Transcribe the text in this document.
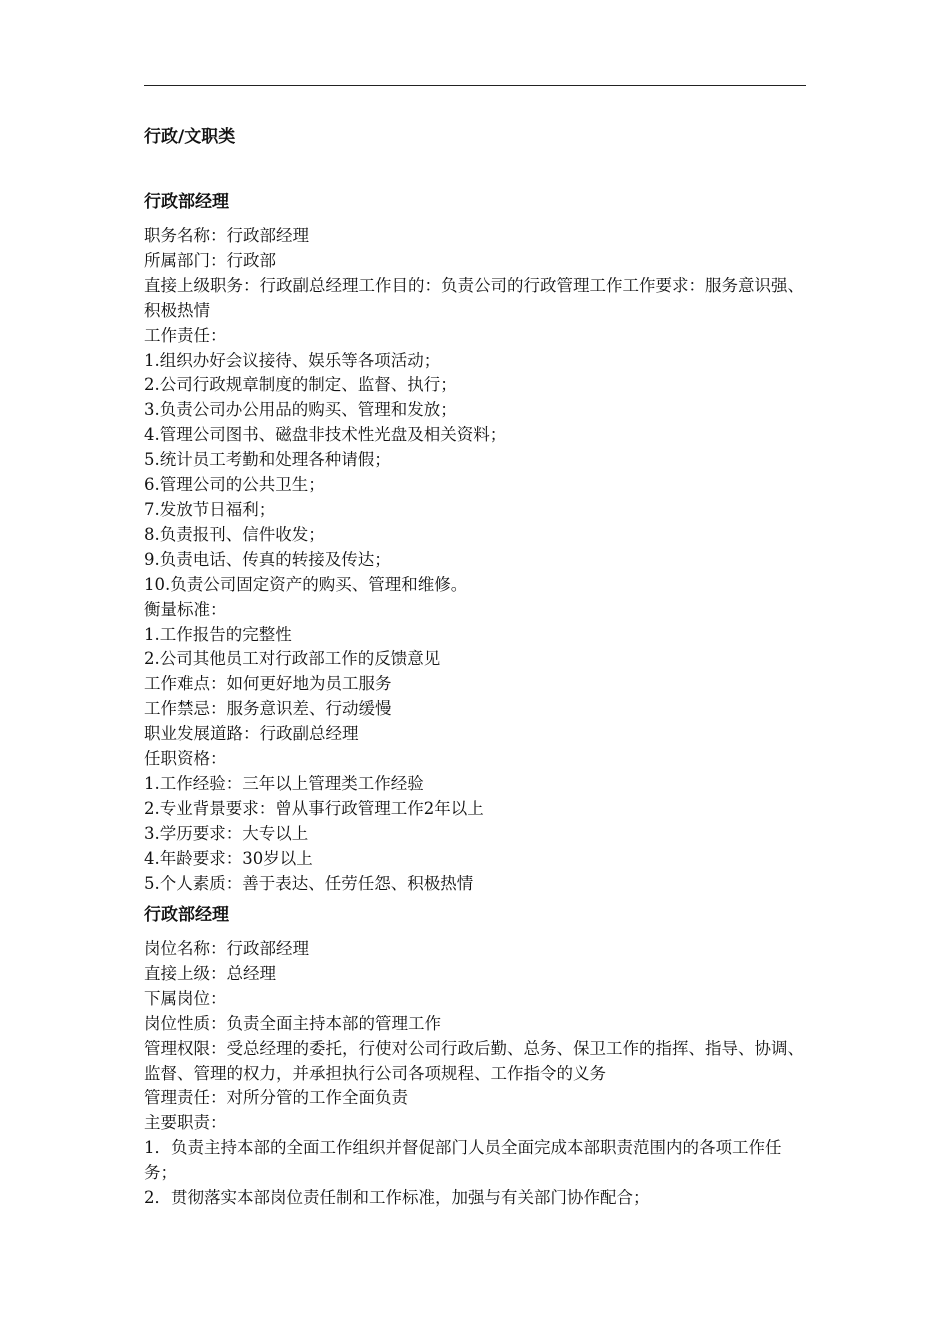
行政/文职类
行政部经理
职务名称：行政部经理
所属部门：行政部
直接上级职务：行政副总经理工作目的：负责公司的行政管理工作工作要求：服务意识强、积极热情
工作责任：
1.组织办好会议接待、娱乐等各项活动；
2.公司行政规章制度的制定、监督、执行；
3.负责公司办公用品的购买、管理和发放；
4.管理公司图书、磁盘非技术性光盘及相关资料；
5.统计员工考勤和处理各种请假；
6.管理公司的公共卫生；
7.发放节日福利；
8.负责报刊、信件收发；
9.负责电话、传真的转接及传达；
10.负责公司固定资产的购买、管理和维修。
衡量标准：
1.工作报告的完整性
2.公司其他员工对行政部工作的反馈意见
工作难点：如何更好地为员工服务
工作禁忌：服务意识差、行动缓慢
职业发展道路：行政副总经理
任职资格：
1.工作经验：三年以上管理类工作经验
2.专业背景要求：曾从事行政管理工作2年以上
3.学历要求：大专以上
4.年龄要求：30岁以上
5.个人素质：善于表达、任劳任怨、积极热情
行政部经理
岗位名称：行政部经理
直接上级：总经理
下属岗位：
岗位性质：负责全面主持本部的管理工作
管理权限：受总经理的委托，行使对公司行政后勤、总务、保卫工作的指挥、指导、协调、监督、管理的权力，并承担执行公司各项规程、工作指令的义务
管理责任：对所分管的工作全面负责
主要职责：
1．负责主持本部的全面工作组织并督促部门人员全面完成本部职责范围内的各项工作任务；
2．贯彻落实本部岗位责任制和工作标准，加强与有关部门协作配合；
